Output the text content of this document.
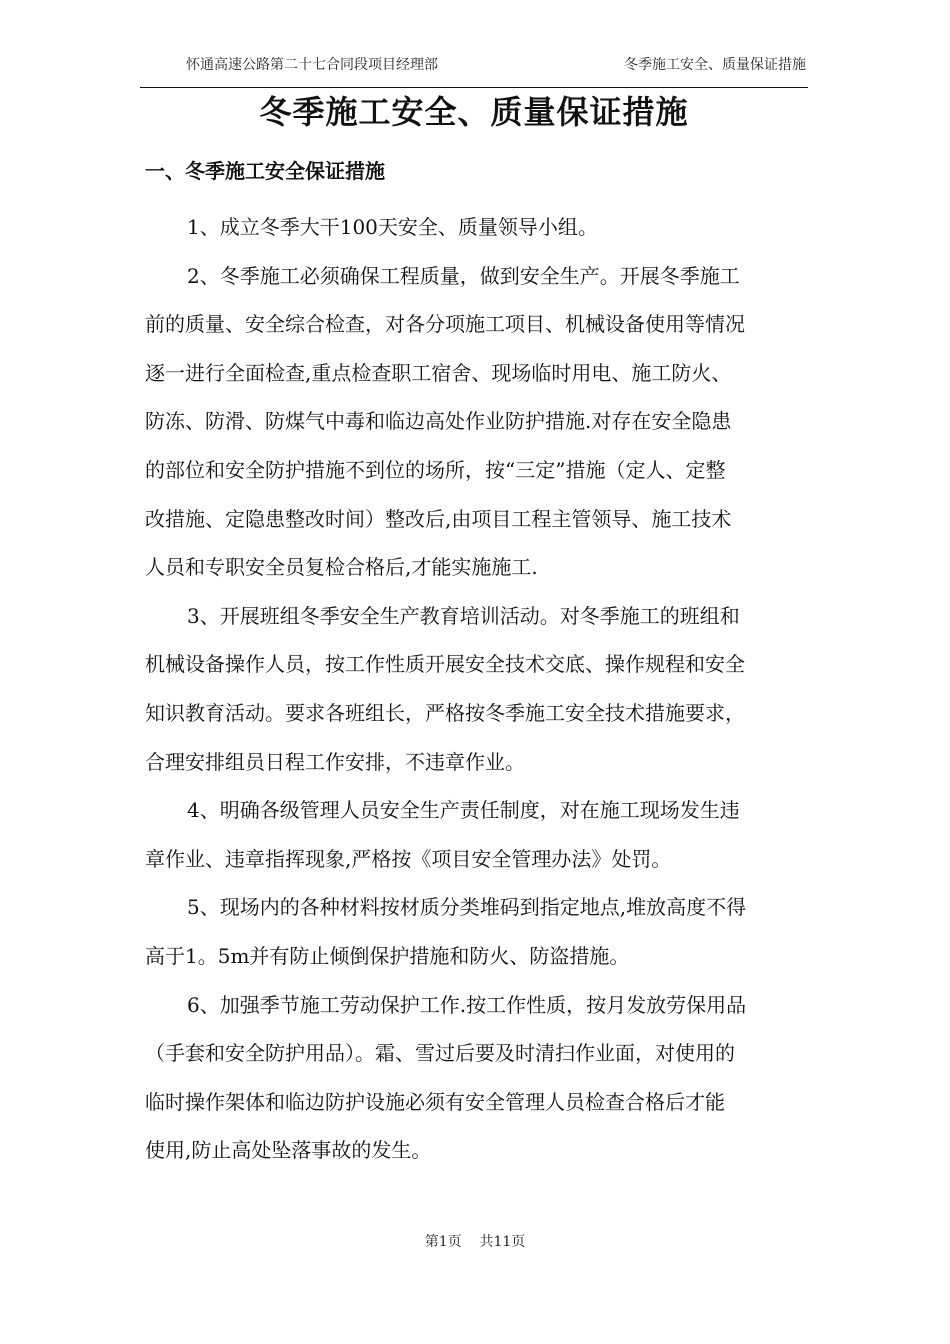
怀通高速公路第二十七合同段项目经理部	冬季施工安全、质量保证措施
冬季施工安全、质量保证措施
一、冬季施工安全保证措施
1、成立冬季大干100天安全、质量领导小组。
2、冬季施工必须确保工程质量，做到安全生产。开展冬季施工
前的质量、安全综合检查，对各分项施工项目、机械设备使用等情况
逐一进行全面检查,重点检查职工宿舍、现场临时用电、施工防火、
防冻、防滑、防煤气中毒和临边高处作业防护措施.对存在安全隐患
的部位和安全防护措施不到位的场所，按“三定”措施（定人、定整
改措施、定隐患整改时间）整改后,由项目工程主管领导、施工技术
人员和专职安全员复检合格后,才能实施施工.
3、开展班组冬季安全生产教育培训活动。对冬季施工的班组和
机械设备操作人员，按工作性质开展安全技术交底、操作规程和安全
知识教育活动。要求各班组长，严格按冬季施工安全技术措施要求，
合理安排组员日程工作安排，不违章作业。
4、明确各级管理人员安全生产责任制度，对在施工现场发生违
章作业、违章指挥现象,严格按《项目安全管理办法》处罚。
5、现场内的各种材料按材质分类堆码到指定地点,堆放高度不得
高于1。5m并有防止倾倒保护措施和防火、防盗措施。
6、加强季节施工劳动保护工作.按工作性质，按月发放劳保用品
（手套和安全防护用品）。霜、雪过后要及时清扫作业面，对使用的
临时操作架体和临边防护设施必须有安全管理人员检查合格后才能
使用,防止高处坠落事故的发生。
第1页    共11页
